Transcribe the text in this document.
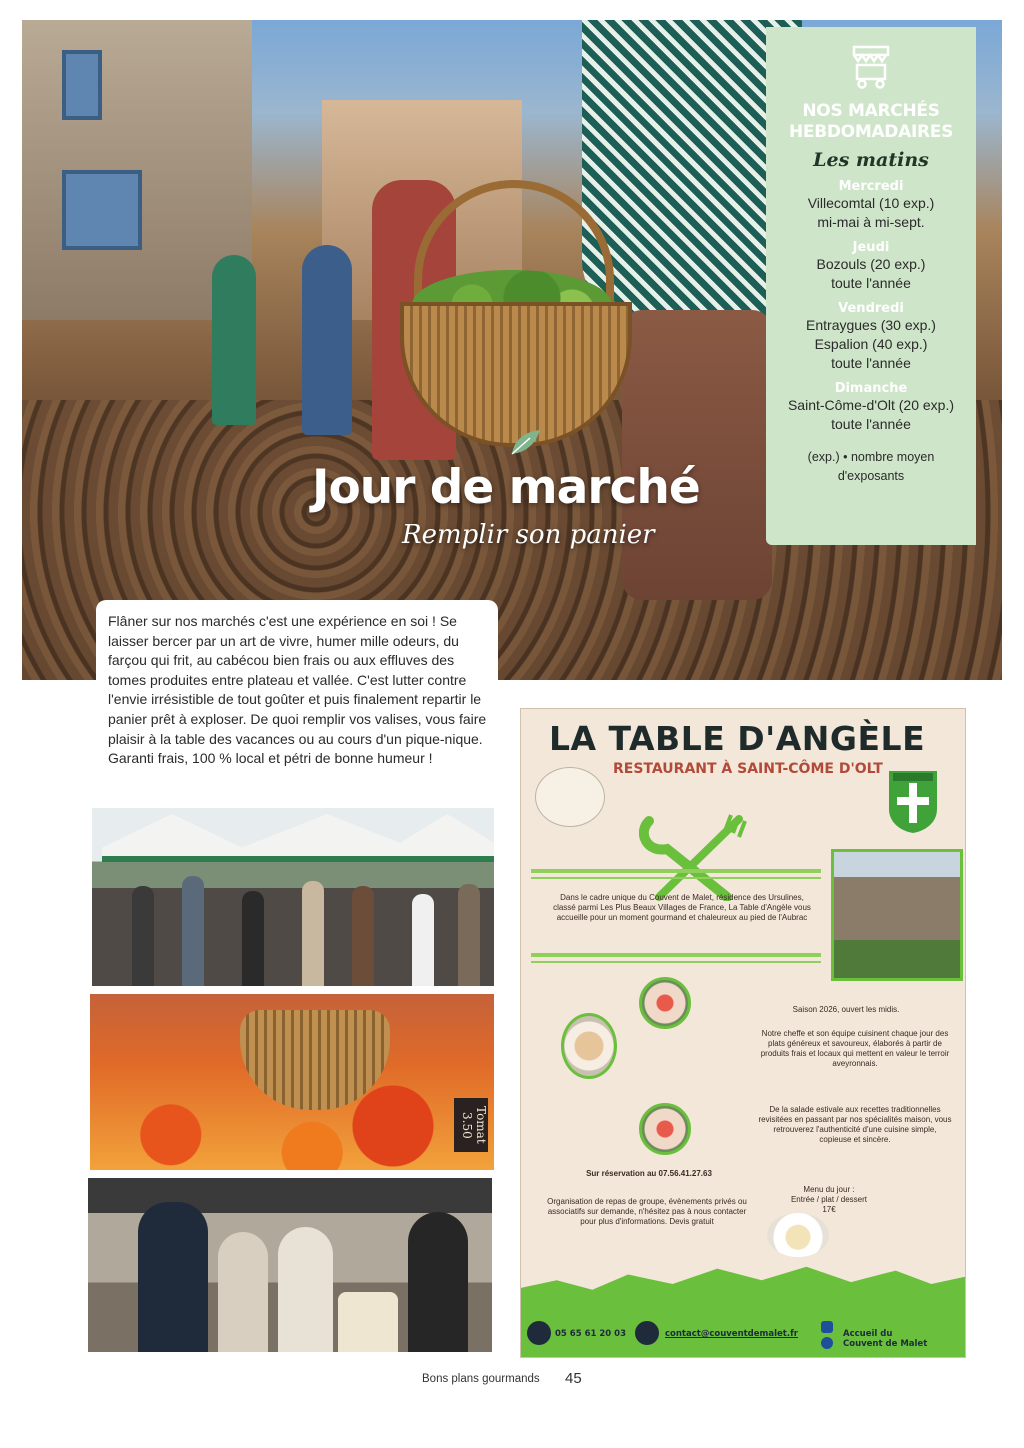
Jour de marché
Remplir son panier
NOS MARCHÉS
HEBDOMADAIRES
Les matins
Mercredi
Villecomtal (10 exp.)
mi-mai à mi-sept.
Jeudi
Bozouls (20 exp.)
toute l'année
Vendredi
Entraygues (30 exp.)
Espalion (40 exp.)
toute l'année
Dimanche
Saint-Côme-d'Olt (20 exp.)
toute l'année
(exp.) • nombre moyen
d'exposants

Flâner sur nos marchés c'est une expérience en soi ! Se laisser bercer par un art de vivre, humer mille odeurs, du farçou qui frit, au cabécou bien frais ou aux effluves des tomes produites entre plateau et vallée. C'est lutter contre l'envie irrésistible de tout goûter et puis finalement repartir le panier prêt à exploser. De quoi remplir vos valises, vous faire plaisir à la table des vacances ou au cours d'un pique-nique. Garanti frais, 100 % local et pétri de bonne humeur !

Tomat 3.50
LA TABLE D'ANGÈLE
RESTAURANT À SAINT-CÔME D'OLT
Dans le cadre unique du Couvent de Malet, résidence des Ursulines, classé parmi Les Plus Beaux Villages de France, La Table d'Angèle vous accueille pour un moment gourmand et chaleureux au pied de l'Aubrac
Saison 2026, ouvert les midis.
Notre cheffe et son équipe cuisinent chaque jour des plats généreux et savoureux, élaborés à partir de produits frais et locaux qui mettent en valeur le terroir aveyronnais.
De la salade estivale aux recettes traditionnelles revisitées en passant par nos spécialités maison, vous retrouverez l'authenticité d'une cuisine simple, copieuse et sincère.
Sur réservation au 07.56.41.27.63
Organisation de repas de groupe, évènements privés ou associatifs sur demande, n'hésitez pas à nous contacter pour plus d'informations. Devis gratuit
Menu du jour :
Entrée / plat / dessert
17€
05 65 61 20 03	contact@couventdemalet.fr	Accueil du
Couvent de Malet
Bons plans gourmands 45
